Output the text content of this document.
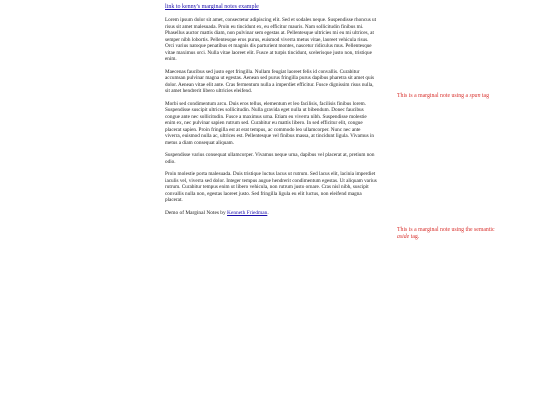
link to kenny's marginal notes example

Lorem ipsum dolor sit amet, consectetur adipiscing elit. Sed et sodales neque. Suspendisse rhoncus ut risus sit amet malesuada. Proin eu tincidunt ex, eu efficitur mauris. Nam sollicitudin finibus mi. Phasellus auctor mattis diam, non pulvinar sem egestas at. Pellentesque ultricies mi eu mi ultrices, at semper nibh lobortis. Pellentesque eros purus, euismod viverra metus vitae, laoreet vehicula risus. Orci varius natoque penatibus et magnis dis parturient montes, nascetur ridiculus mus. Pellentesque vitae maximus orci. Nulla vitae laoreet elit. Fusce at turpis tincidunt, scelerisque justo non, tristique enim.

Maecenas faucibus sed justo eget fringilla. Nullam feugiat laoreet felis id convallis. Curabitur accumsan pulvinar magna ut egestas. Aenean sed purus fringilla purus dapibus pharetra sit amet quis dolor. Aenean vitae elit ante. Cras fermentum nulla a imperdiet efficitur. Fusce dignissim risus nulla, sit amet hendrerit libero ultricies eleifend.

Morbi sed condimentum arcu. Duis eros tellus, elementum et leo facilisis, facilisis finibus lorem. Suspendisse suscipit ultrices sollicitudin. Nulla gravida eget nulla ut bibendum. Donec faucibus congue ante nec sollicitudin. Fusce a maximus urna. Etiam eu viverra nibh. Suspendisse molestie enim ex, nec pulvinar sapien rutrum sed. Curabitur eu mattis libero. In sed efficitur elit, congue placerat sapien. Proin fringilla est at erat tempus, ac commodo leo ullamcorper. Nunc nec ante viverra, euismod nulla ac, ultrices est. Pellentesque vel finibus massa, at tincidunt ligula. Vivamus in metus a diam consequat aliquam.

Suspendisse varius consequat ullamcorper. Vivamus neque urna, dapibus vel placerat at, pretium non odio.

Proin molestie porta malesuada. Duis tristique luctus lacus ut rutrum. Sed lacus elit, lacinia imperdiet iaculis vel, viverra sed dolor. Integer tempus augue hendrerit condimentum egestas. Ut aliquam varius rutrum. Curabitur tempus enim ut libero vehicula, non rutrum justo ornare. Cras nisl nibh, suscipit convallis nulla non, egestas laoreet justo. Sed fringilla ligula eu elit luctus, non eleifend magna placerat.

Demo of Marginal Notes by Kenneth Friedman.

This is a marginal note using a span tag
This is a marginal note using the semantic aside tag.
